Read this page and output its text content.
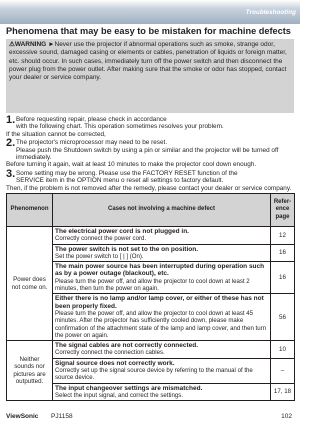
Troubleshooting
Phenomena that may be easy to be mistaken for machine defects
⚠WARNING ►Never use the projector if abnormal operations such as smoke, strange odor, excessive sound, damaged casing or elements or cables, penetration of liquids or foreign matter, etc. should occur. In such cases, immediately turn off the power switch and then disconnect the power plug from the power outlet. After making sure that the smoke or odor has stopped, contact your dealer or service company.
1. Before requesting repair, please check in accordance
with the following chart. This operation sometimes resolves your problem.
If the situation cannot be corrected,
2. The projector's microprocessor may need to be reset.
Please push the Shutdown switch by using a pin or similar and the projector will be turned off immediately.
Before turning it again, wait at least 10 minutes to make the projector cool down enough.
3. Some setting may be wrong. Please use the FACTORY RESET function of the
SERVICE item in the OPTION menu o reset all settings to factory default.
Then, if the problem is not removed after the remedy, please contact your dealer or service company.
Phenomenon	Cases not involving a machine defect	Refer-ence page
Power does not come on.	The electrical power cord is not plugged in.
Correctly connect the power cord.	12

	The power switch is not set to the on position.
Set the power switch to [ | ] (On).	16

	The main power source has been interrupted during operation such as by a power outage (blackout), etc.
Please turn the power off, and allow the projector to cool down at least 2 minutes, then turn the power on again.	16

	Either there is no lamp and/or lamp cover, or either of these has not been properly fixed.
Please turn the power off, and allow the projector to cool down at least 45 minutes. After the projector has sufficiently cooled down, please make confirmation of the attachment state of the lamp and lamp cover, and then turn the power on again.	56
Neither sounds nor pictures are outputted.	The signal cables are not correctly connected.
Correctly connect the connection cables.	10

	Signal source does not correctly work.
Correctly set up the signal source device by referring to the manual of the source device.	–

	The input changeover settings are mismatched.
Select the input signal, and correct the settings.	17, 18
ViewSonic PJ1158	102
